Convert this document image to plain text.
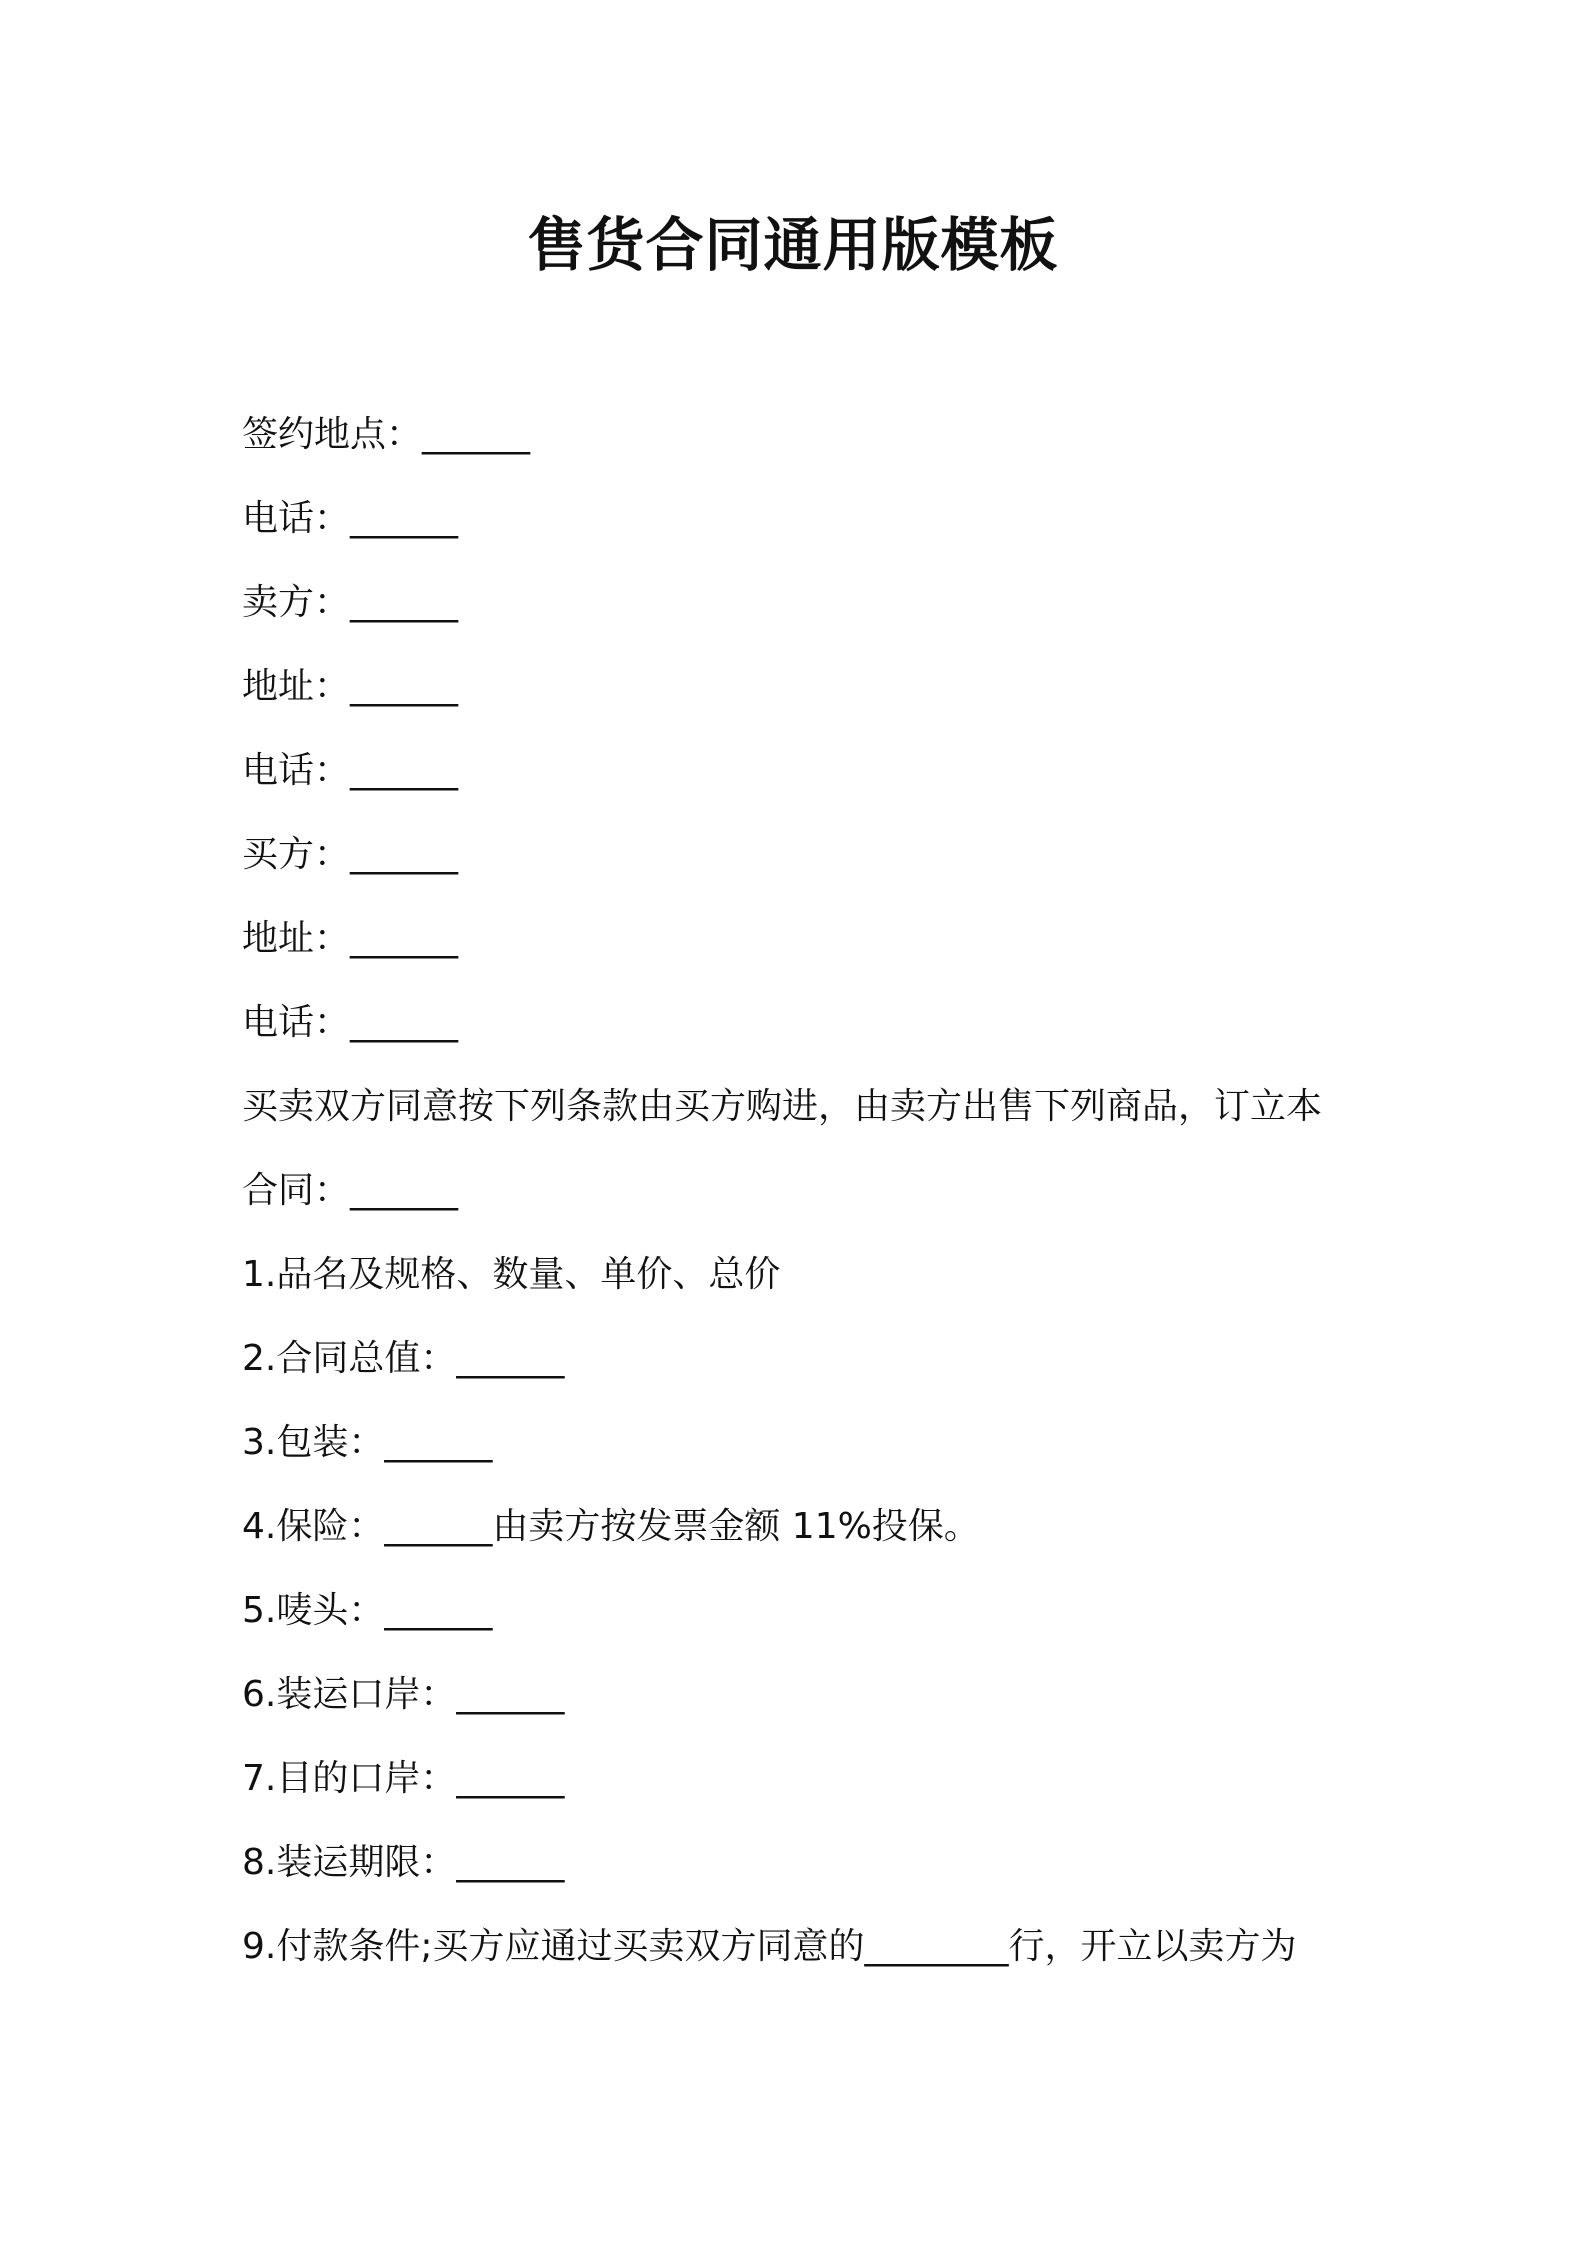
售货合同通用版模板
签约地点：______
电话：______
卖方：______
地址：______
电话：______
买方：______
地址：______
电话：______
买卖双方同意按下列条款由买方购进，由卖方出售下列商品，订立本
合同：______
1.品名及规格、数量、单价、总价
2.合同总值：______
3.包装：______
4.保险：______由卖方按发票金额 11%投保。
5.唛头：______
6.装运口岸：______
7.目的口岸：______
8.装运期限：______
9.付款条件;买方应通过买卖双方同意的________行，开立以卖方为
